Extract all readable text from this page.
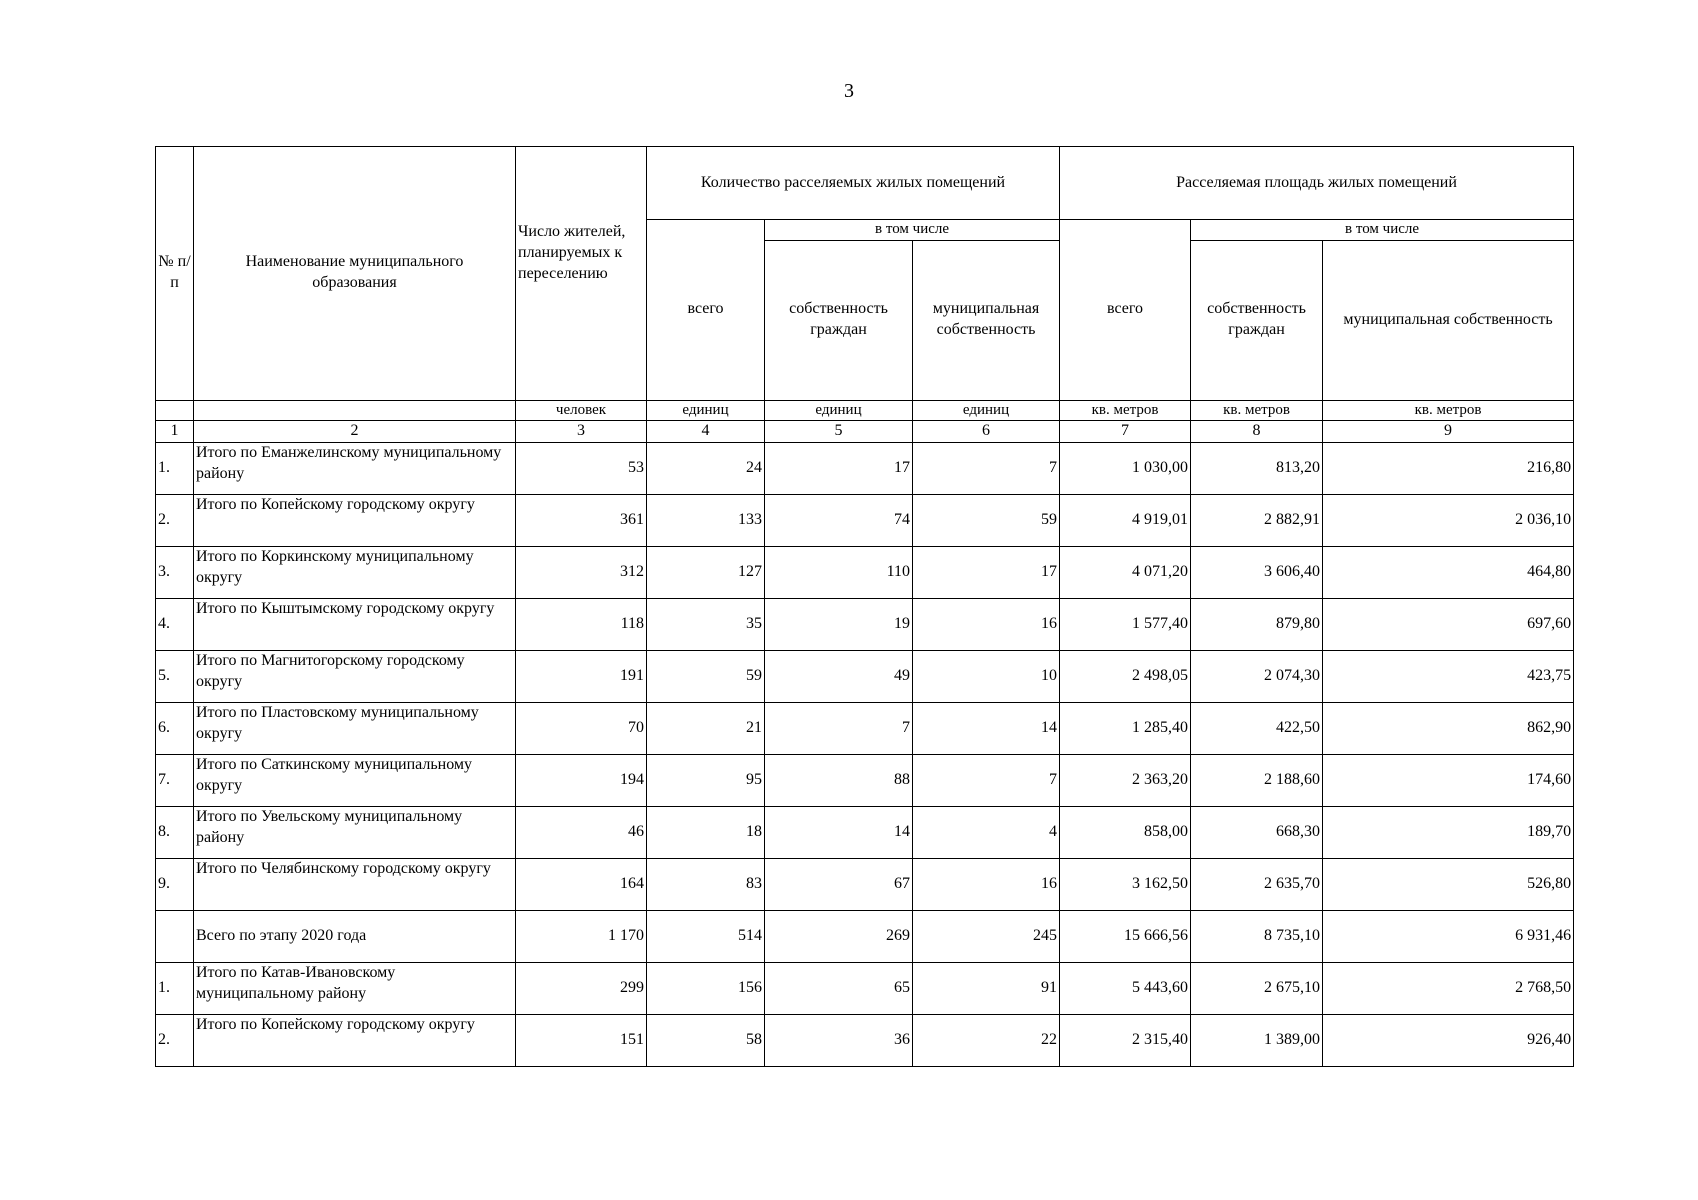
3
№ п/п	Наименование муниципального образования	Число жителей, планируемых к переселению	Количество расселяемых жилых помещений			Расселяемая площадь жилых помещений		
			всего	в том числе		всего	в том числе	
				собственность граждан	муниципальная собственность		собственность граждан	муниципальная собственность
		человек	единиц	единиц	единиц	кв. метров	кв. метров	кв. метров
1	2	3	4	5	6	7	8	9
1.	Итого по Еманжелинскому муниципальному району	53	24	17	7	1 030,00	813,20	216,80
2.	Итого по Копейскому городскому округу	361	133	74	59	4 919,01	2 882,91	2 036,10
3.	Итого по Коркинскому муниципальному округу	312	127	110	17	4 071,20	3 606,40	464,80
4.	Итого по Кыштымскому городскому округу	118	35	19	16	1 577,40	879,80	697,60
5.	Итого по Магнитогорскому городскому округу	191	59	49	10	2 498,05	2 074,30	423,75
6.	Итого по Пластовскому муниципальному округу	70	21	7	14	1 285,40	422,50	862,90
7.	Итого по Саткинскому муниципальному округу	194	95	88	7	2 363,20	2 188,60	174,60
8.	Итого по Увельскому муниципальному району	46	18	14	4	858,00	668,30	189,70
9.	Итого по Челябинскому городскому округу	164	83	67	16	3 162,50	2 635,70	526,80
	Всего по этапу 2020 года	1 170	514	269	245	15 666,56	8 735,10	6 931,46
1.	Итого по Катав-Ивановскому муниципальному району	299	156	65	91	5 443,60	2 675,10	2 768,50
2.	Итого по Копейскому городскому округу	151	58	36	22	2 315,40	1 389,00	926,40
